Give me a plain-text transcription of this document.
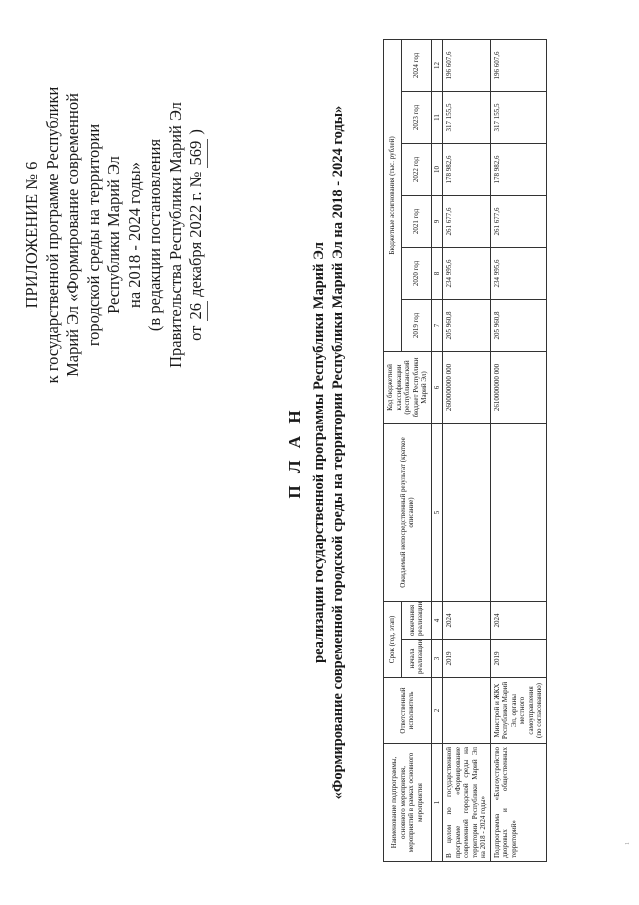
ПРИЛОЖЕНИЕ № 6 к государственной программе Республики Марий Эл «Формирование современной городской среды на территории Республики Марий Эл на 2018 - 2024 годы» (в редакции постановления Правительства Республики Марий Эл от 26 декабря 2022 г. № 569 )
П Л А Н реализации государственной программы Республики Марий Эл «Формирование современной городской среды на территории Республики Марий Эл на 2018 - 2024 годы»
Наименование подпрограммы, основного мероприятия, мероприятий в рамках основного мероприятия	Ответственный исполнитель	Срок (год, этап)		Ожидаемый непосредственный результат (краткое описание)	Код бюджетной классификации (республиканский бюджет Республики Марий Эл)	Бюджетные ассигнования (тыс. рублей)					
		начала реализации	окончания реализации			2019 год	2020 год	2021 год	2022 год	2023 год	2024 год
1	2	3	4	5	6	7	8	9	10	11	12
В целом по государственной программе «Формирование современной городской среды на территории Республики Марий Эл на 2018 - 2024 годы»		2019	2024		2600000000 000	205 960,8	234 995,6	261 677,6	178 982,6	317 155,5	196 607,6
Подпрограмма «Благоустройство дворовых и общественных территорий»	Минстрой и ЖКХ Республики Марий Эл, органы местного самоуправления (по согласованию)	2019	2024		2610000000 000	205 960,8	234 995,6	261 677,6	178 982,6	317 155,5	196 607,6
1
